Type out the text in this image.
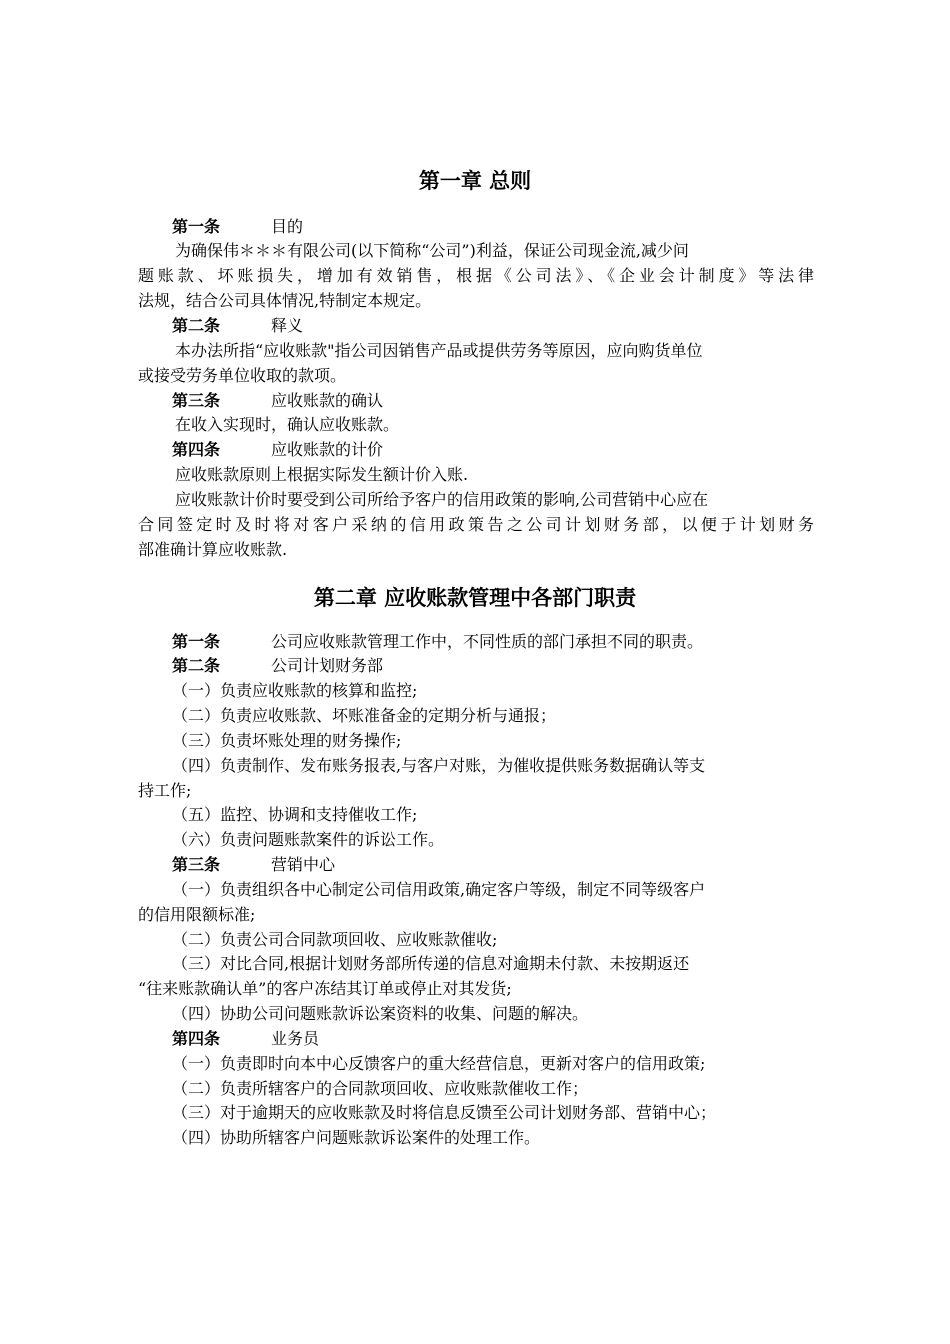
第一章 总则
第一条	目的
为确保伟＊＊＊有限公司(以下简称“公司”)利益，保证公司现金流,减少问
题账款、坏账损失，增加有效销售，根据《公司法》、《企业会计制度》等法律
法规，结合公司具体情况,特制定本规定。
第二条	释义
本办法所指“应收账款"指公司因销售产品或提供劳务等原因，应向购货单位
或接受劳务单位收取的款项。
第三条	应收账款的确认
在收入实现时，确认应收账款。
第四条	应收账款的计价
应收账款原则上根据实际发生额计价入账.
应收账款计价时要受到公司所给予客户的信用政策的影响,公司营销中心应在
合同签定时及时将对客户采纳的信用政策告之公司计划财务部，以便于计划财务
部准确计算应收账款.
第二章 应收账款管理中各部门职责
第一条	公司应收账款管理工作中，不同性质的部门承担不同的职责。
第二条	公司计划财务部
（一）负责应收账款的核算和监控;
（二）负责应收账款、坏账准备金的定期分析与通报；
（三）负责坏账处理的财务操作;
（四）负责制作、发布账务报表,与客户对账，为催收提供账务数据确认等支
持工作;
（五）监控、协调和支持催收工作;
（六）负责问题账款案件的诉讼工作。
第三条	营销中心
（一）负责组织各中心制定公司信用政策,确定客户等级，制定不同等级客户
的信用限额标准;
（二）负责公司合同款项回收、应收账款催收;
（三）对比合同,根据计划财务部所传递的信息对逾期未付款、未按期返还
“往来账款确认单”的客户冻结其订单或停止对其发货;
（四）协助公司问题账款诉讼案资料的收集、问题的解决。
第四条	业务员
（一）负责即时向本中心反馈客户的重大经营信息，更新对客户的信用政策;
（二）负责所辖客户的合同款项回收、应收账款催收工作；
（三）对于逾期天的应收账款及时将信息反馈至公司计划财务部、营销中心；
（四）协助所辖客户问题账款诉讼案件的处理工作。
